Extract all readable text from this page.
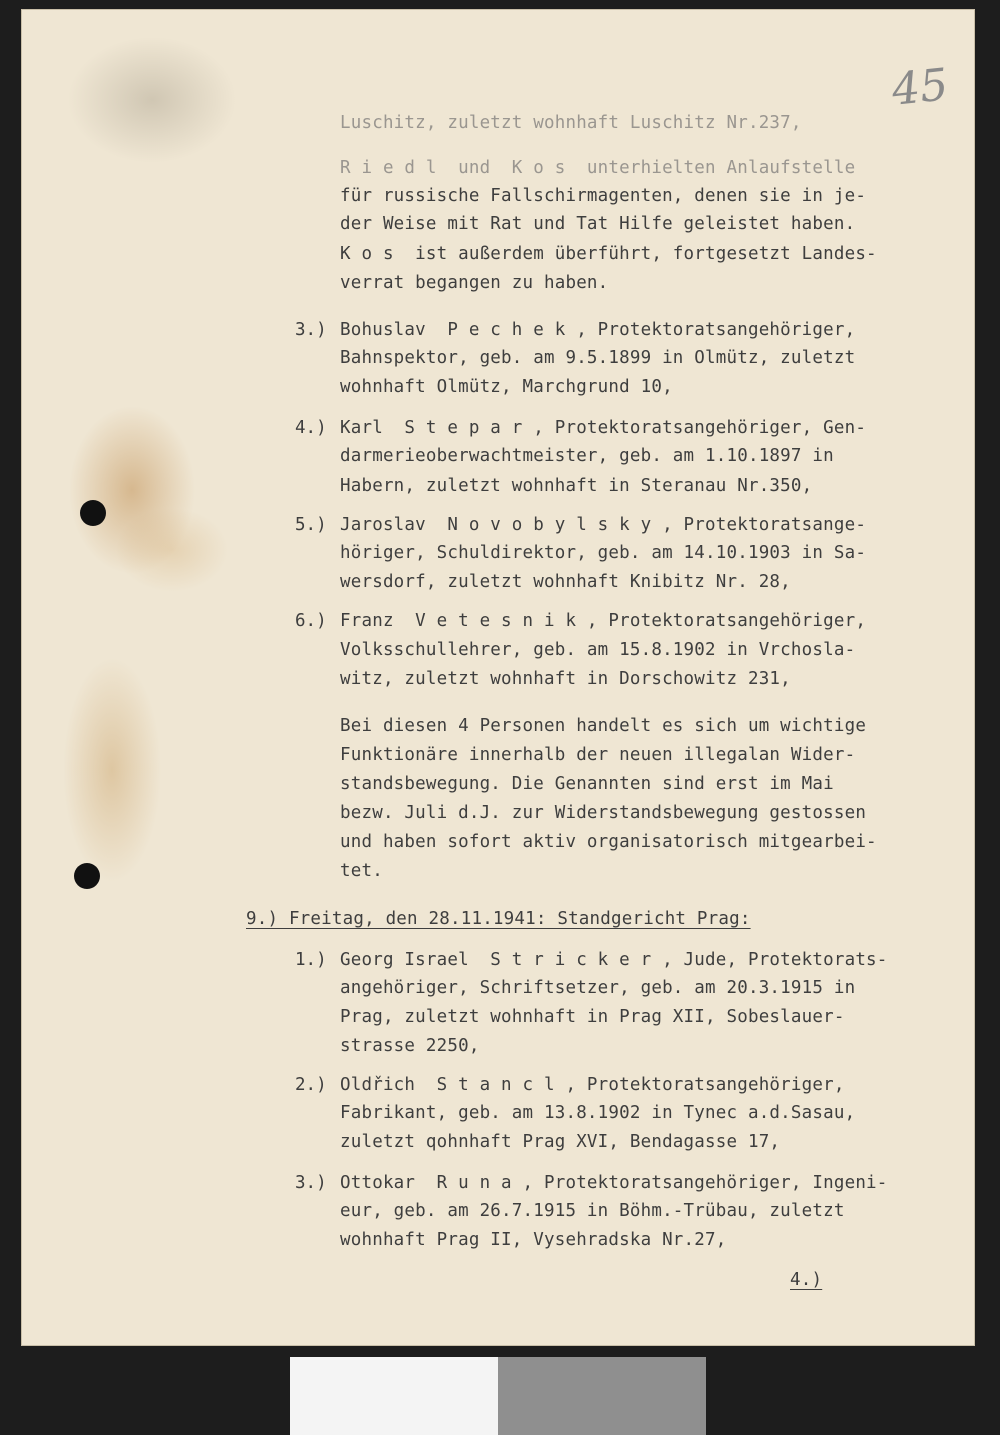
45
Luschitz, zuletzt wohnhaft Luschitz Nr.237,
R i e d l  und  K o s  unterhielten Anlaufstelle
für russische Fallschirmagenten, denen sie in je-
der Weise mit Rat und Tat Hilfe geleistet haben.
K o s  ist außerdem überführt, fortgesetzt Landes-
verrat begangen zu haben.
3.) Bohuslav  P e c h e k , Protektoratsangehöriger,
Bahnspektor, geb. am 9.5.1899 in Olmütz, zuletzt
wohnhaft Olmütz, Marchgrund 10,
4.) Karl  S t e p a r , Protektoratsangehöriger, Gen-
darmerieoberwachtmeister, geb. am 1.10.1897 in
Habern, zuletzt wohnhaft in Steranau Nr.350,
5.) Jaroslav  N o v o b y l s k y , Protektoratsange-
höriger, Schuldirektor, geb. am 14.10.1903 in Sa-
wersdorf, zuletzt wohnhaft Knibitz Nr. 28,
6.) Franz  V e t e s n i k , Protektoratsangehöriger,
Volksschullehrer, geb. am 15.8.1902 in Vrchosla-
witz, zuletzt wohnhaft in Dorschowitz 231,
Bei diesen 4 Personen handelt es sich um wichtige
Funktionäre innerhalb der neuen illegalan Wider-
standsbewegung. Die Genannten sind erst im Mai
bezw. Juli d.J. zur Widerstandsbewegung gestossen
und haben sofort aktiv organisatorisch mitgearbei-
tet.
9.) Freitag, den 28.11.1941: Standgericht Prag:
1.) Georg Israel  S t r i c k e r , Jude, Protektorats-
angehöriger, Schriftsetzer, geb. am 20.3.1915 in
Prag, zuletzt wohnhaft in Prag XII, Sobeslauer-
strasse 2250,
2.) Oldřich  S t a n c l , Protektoratsangehöriger,
Fabrikant, geb. am 13.8.1902 in Tynec a.d.Sasau,
zuletzt qohnhaft Prag XVI, Bendagasse 17,
3.) Ottokar  R u n a , Protektoratsangehöriger, Ingeni-
eur, geb. am 26.7.1915 in Böhm.-Trübau, zuletzt
wohnhaft Prag II, Vysehradska Nr.27,
4.)
